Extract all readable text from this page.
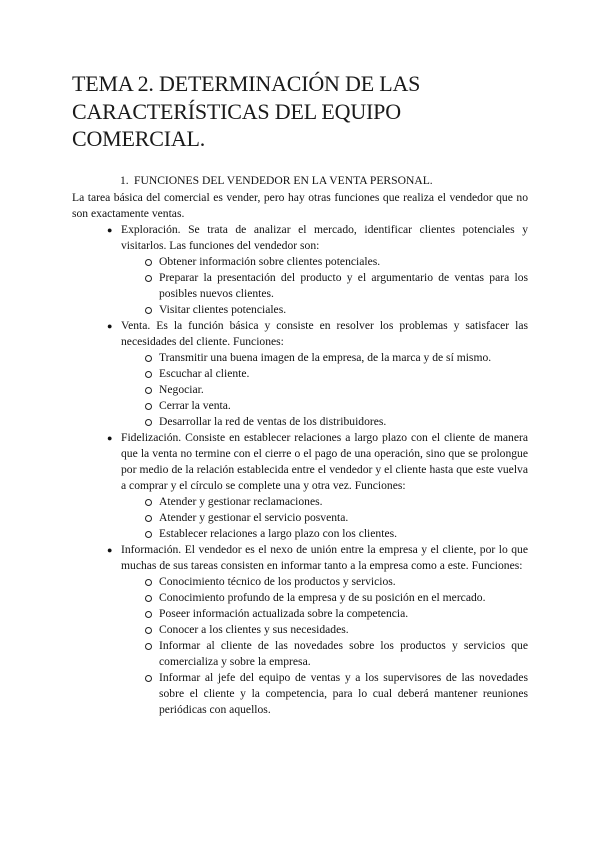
TEMA 2. DETERMINACIÓN DE LAS CARACTERÍSTICAS DEL EQUIPO COMERCIAL.
1. FUNCIONES DEL VENDEDOR EN LA VENTA PERSONAL.

La tarea básica del comercial es vender, pero hay otras funciones que realiza el vendedor que no son exactamente ventas.

● Exploración. Se trata de analizar el mercado, identificar clientes potenciales y visitarlos. Las funciones del vendedor son:
Obtener información sobre clientes potenciales.
Preparar la presentación del producto y el argumentario de ventas para los posibles nuevos clientes.
Visitar clientes potenciales.
● Venta. Es la función básica y consiste en resolver los problemas y satisfacer las necesidades del cliente. Funciones:
Transmitir una buena imagen de la empresa, de la marca y de sí mismo.
Escuchar al cliente.
Negociar.
Cerrar la venta.
Desarrollar la red de ventas de los distribuidores.
● Fidelización. Consiste en establecer relaciones a largo plazo con el cliente de manera que la venta no termine con el cierre o el pago de una operación, sino que se prolongue por medio de la relación establecida entre el vendedor y el cliente hasta que este vuelva a comprar y el círculo se complete una y otra vez. Funciones:
Atender y gestionar reclamaciones.
Atender y gestionar el servicio posventa.
Establecer relaciones a largo plazo con los clientes.
● Información. El vendedor es el nexo de unión entre la empresa y el cliente, por lo que muchas de sus tareas consisten en informar tanto a la empresa como a este. Funciones:
Conocimiento técnico de los productos y servicios.
Conocimiento profundo de la empresa y de su posición en el mercado.
Poseer información actualizada sobre la competencia.
Conocer a los clientes y sus necesidades.
Informar al cliente de las novedades sobre los productos y servicios que comercializa y sobre la empresa.
Informar al jefe del equipo de ventas y a los supervisores de las novedades sobre el cliente y la competencia, para lo cual deberá mantener reuniones periódicas con aquellos.
